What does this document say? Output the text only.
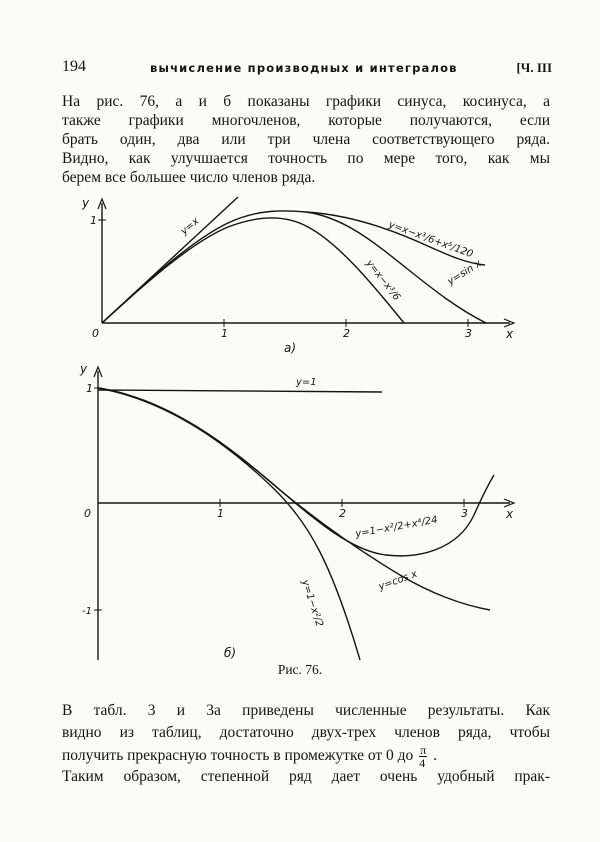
194	вычисление производных и интегралов	[Ч. III
На рис. 76, а и б показаны графики синуса, косинуса, а
также графики многочленов, которые получаются, если
брать один, два или три члена соответствующего ряда.
Видно, как улучшается точность по мере того, как мы
берем все большее число членов ряда.
y
1
0	1	2	3	x
y=x	y=x−x³/6+x⁵/120
y=x−x³/6	y=sin x
а)
y
1
-1
0	1	2	3	x
y=1
y=1−x²/2+x⁴/24
y=1−x²/2	y=cos x
б)
Рис. 76.
В табл. 3 и 3а приведены численные результаты. Как
видно из таблиц, достаточно двух-трех членов ряда, чтобы
получить прекрасную точность в промежутке от 0 до $\frac{\pi}{4}$ .
Таким образом, степенной ряд дает очень удобный прак-
